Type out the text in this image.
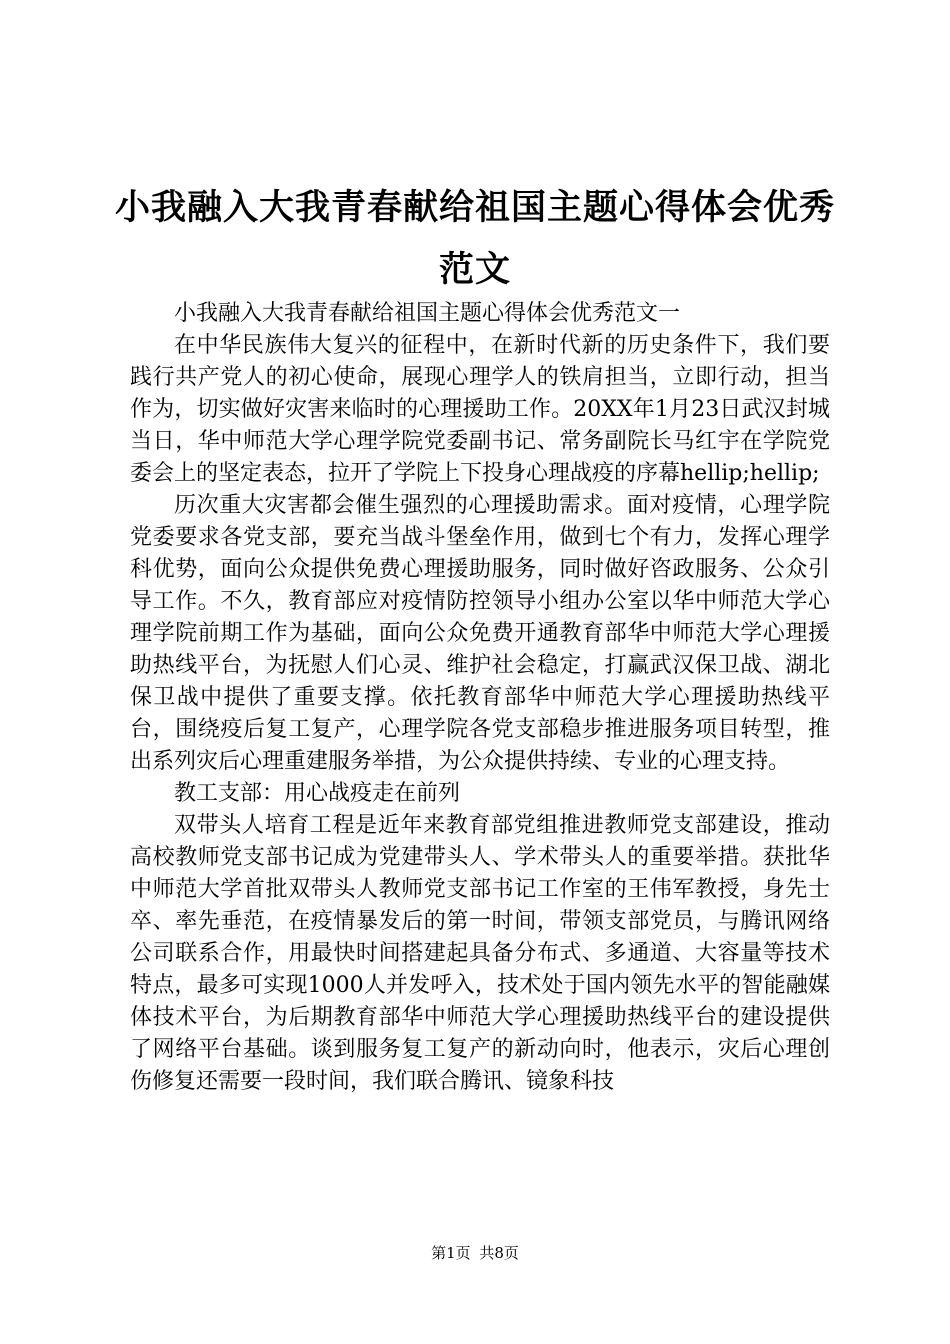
小我融入大我青春献给祖国主题心得体会优秀
范文

小我融入大我青春献给祖国主题心得体会优秀范文一

在中华民族伟大复兴的征程中，在新时代新的历史条件下，我们要践行共产党人的初心使命，展现心理学人的铁肩担当，立即行动，担当作为，切实做好灾害来临时的心理援助工作。20XX年1月23日武汉封城当日，华中师范大学心理学院党委副书记、常务副院长马红宇在学院党委会上的坚定表态，拉开了学院上下投身心理战疫的序幕hellip;hellip;

历次重大灾害都会催生强烈的心理援助需求。面对疫情，心理学院党委要求各党支部，要充当战斗堡垒作用，做到七个有力，发挥心理学科优势，面向公众提供免费心理援助服务，同时做好咨政服务、公众引导工作。不久，教育部应对疫情防控领导小组办公室以华中师范大学心理学院前期工作为基础，面向公众免费开通教育部华中师范大学心理援助热线平台，为抚慰人们心灵、维护社会稳定，打赢武汉保卫战、湖北保卫战中提供了重要支撑。依托教育部华中师范大学心理援助热线平台，围绕疫后复工复产，心理学院各党支部稳步推进服务项目转型，推出系列灾后心理重建服务举措，为公众提供持续、专业的心理支持。

教工支部：用心战疫走在前列

双带头人培育工程是近年来教育部党组推进教师党支部建设，推动高校教师党支部书记成为党建带头人、学术带头人的重要举措。获批华中师范大学首批双带头人教师党支部书记工作室的王伟军教授，身先士卒、率先垂范，在疫情暴发后的第一时间，带领支部党员，与腾讯网络公司联系合作，用最快时间搭建起具备分布式、多通道、大容量等技术特点，最多可实现1000人并发呼入，技术处于国内领先水平的智能融媒体技术平台，为后期教育部华中师范大学心理援助热线平台的建设提供了网络平台基础。谈到服务复工复产的新动向时，他表示，灾后心理创伤修复还需要一段时间，我们联合腾讯、镜象科技

第1页 共8页
